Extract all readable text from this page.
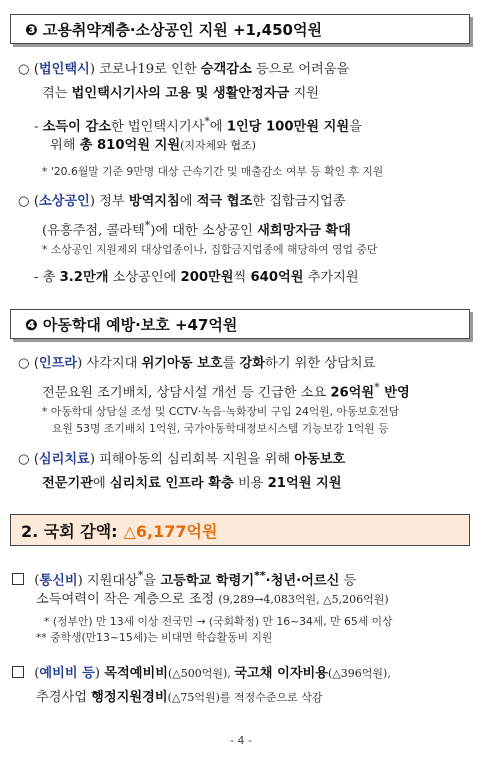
❸ 고용취약계층·소상공인 지원 +1,450억원
○ (법인택시) 코로나19로 인한 승객감소 등으로 어려움을
겪는 법인택시기사의 고용 및 생활안정자금 지원
- 소득이 감소한 법인택시기사*에 1인당 100만원 지원을
위해 총 810억원 지원(지자체와 협조)
* '20.6월말 기준 9만명 대상 근속기간 및 매출감소 여부 등 확인 후 지원
○ (소상공인) 정부 방역지침에 적극 협조한 집합금지업종
(유흥주점, 콜라텍*)에 대한 소상공인 새희망자금 확대
* 소상공인 지원제외 대상업종이나, 집합금지업종에 해당하여 영업 중단
- 총 3.2만개 소상공인에 200만원씩 640억원 추가지원
❹ 아동학대 예방·보호 +47억원
○ (인프라) 사각지대 위기아동 보호를 강화하기 위한 상담치료
전문요원 조기배치, 상담시설 개선 등 긴급한 소요 26억원* 반영
* 아동학대 상담실 조성 및 CCTV·녹음·녹화장비 구입 24억원, 아동보호전담
요원 53명 조기배치 1억원, 국가아동학대정보시스템 기능보강 1억원 등
○ (심리치료) 피해아동의 심리회복 지원을 위해 아동보호
전문기관에 심리치료 인프라 확충 비용 21억원 지원
2. 국회 감액: △6,177억원
(통신비) 지원대상*을 고등학교 학령기**·청년·어르신 등
소득여력이 작은 계층으로 조정 (9,289→4,083억원, △5,206억원)
* (정부안) 만 13세 이상 전국민 → (국회확정) 만 16~34세, 만 65세 이상
** 중학생(만13~15세)는 비대면 학습활동비 지원
(예비비 등) 목적예비비(△500억원), 국고채 이자비용(△396억원),
추경사업 행정지원경비(△75억원)를 적정수준으로 삭감
- 4 -
